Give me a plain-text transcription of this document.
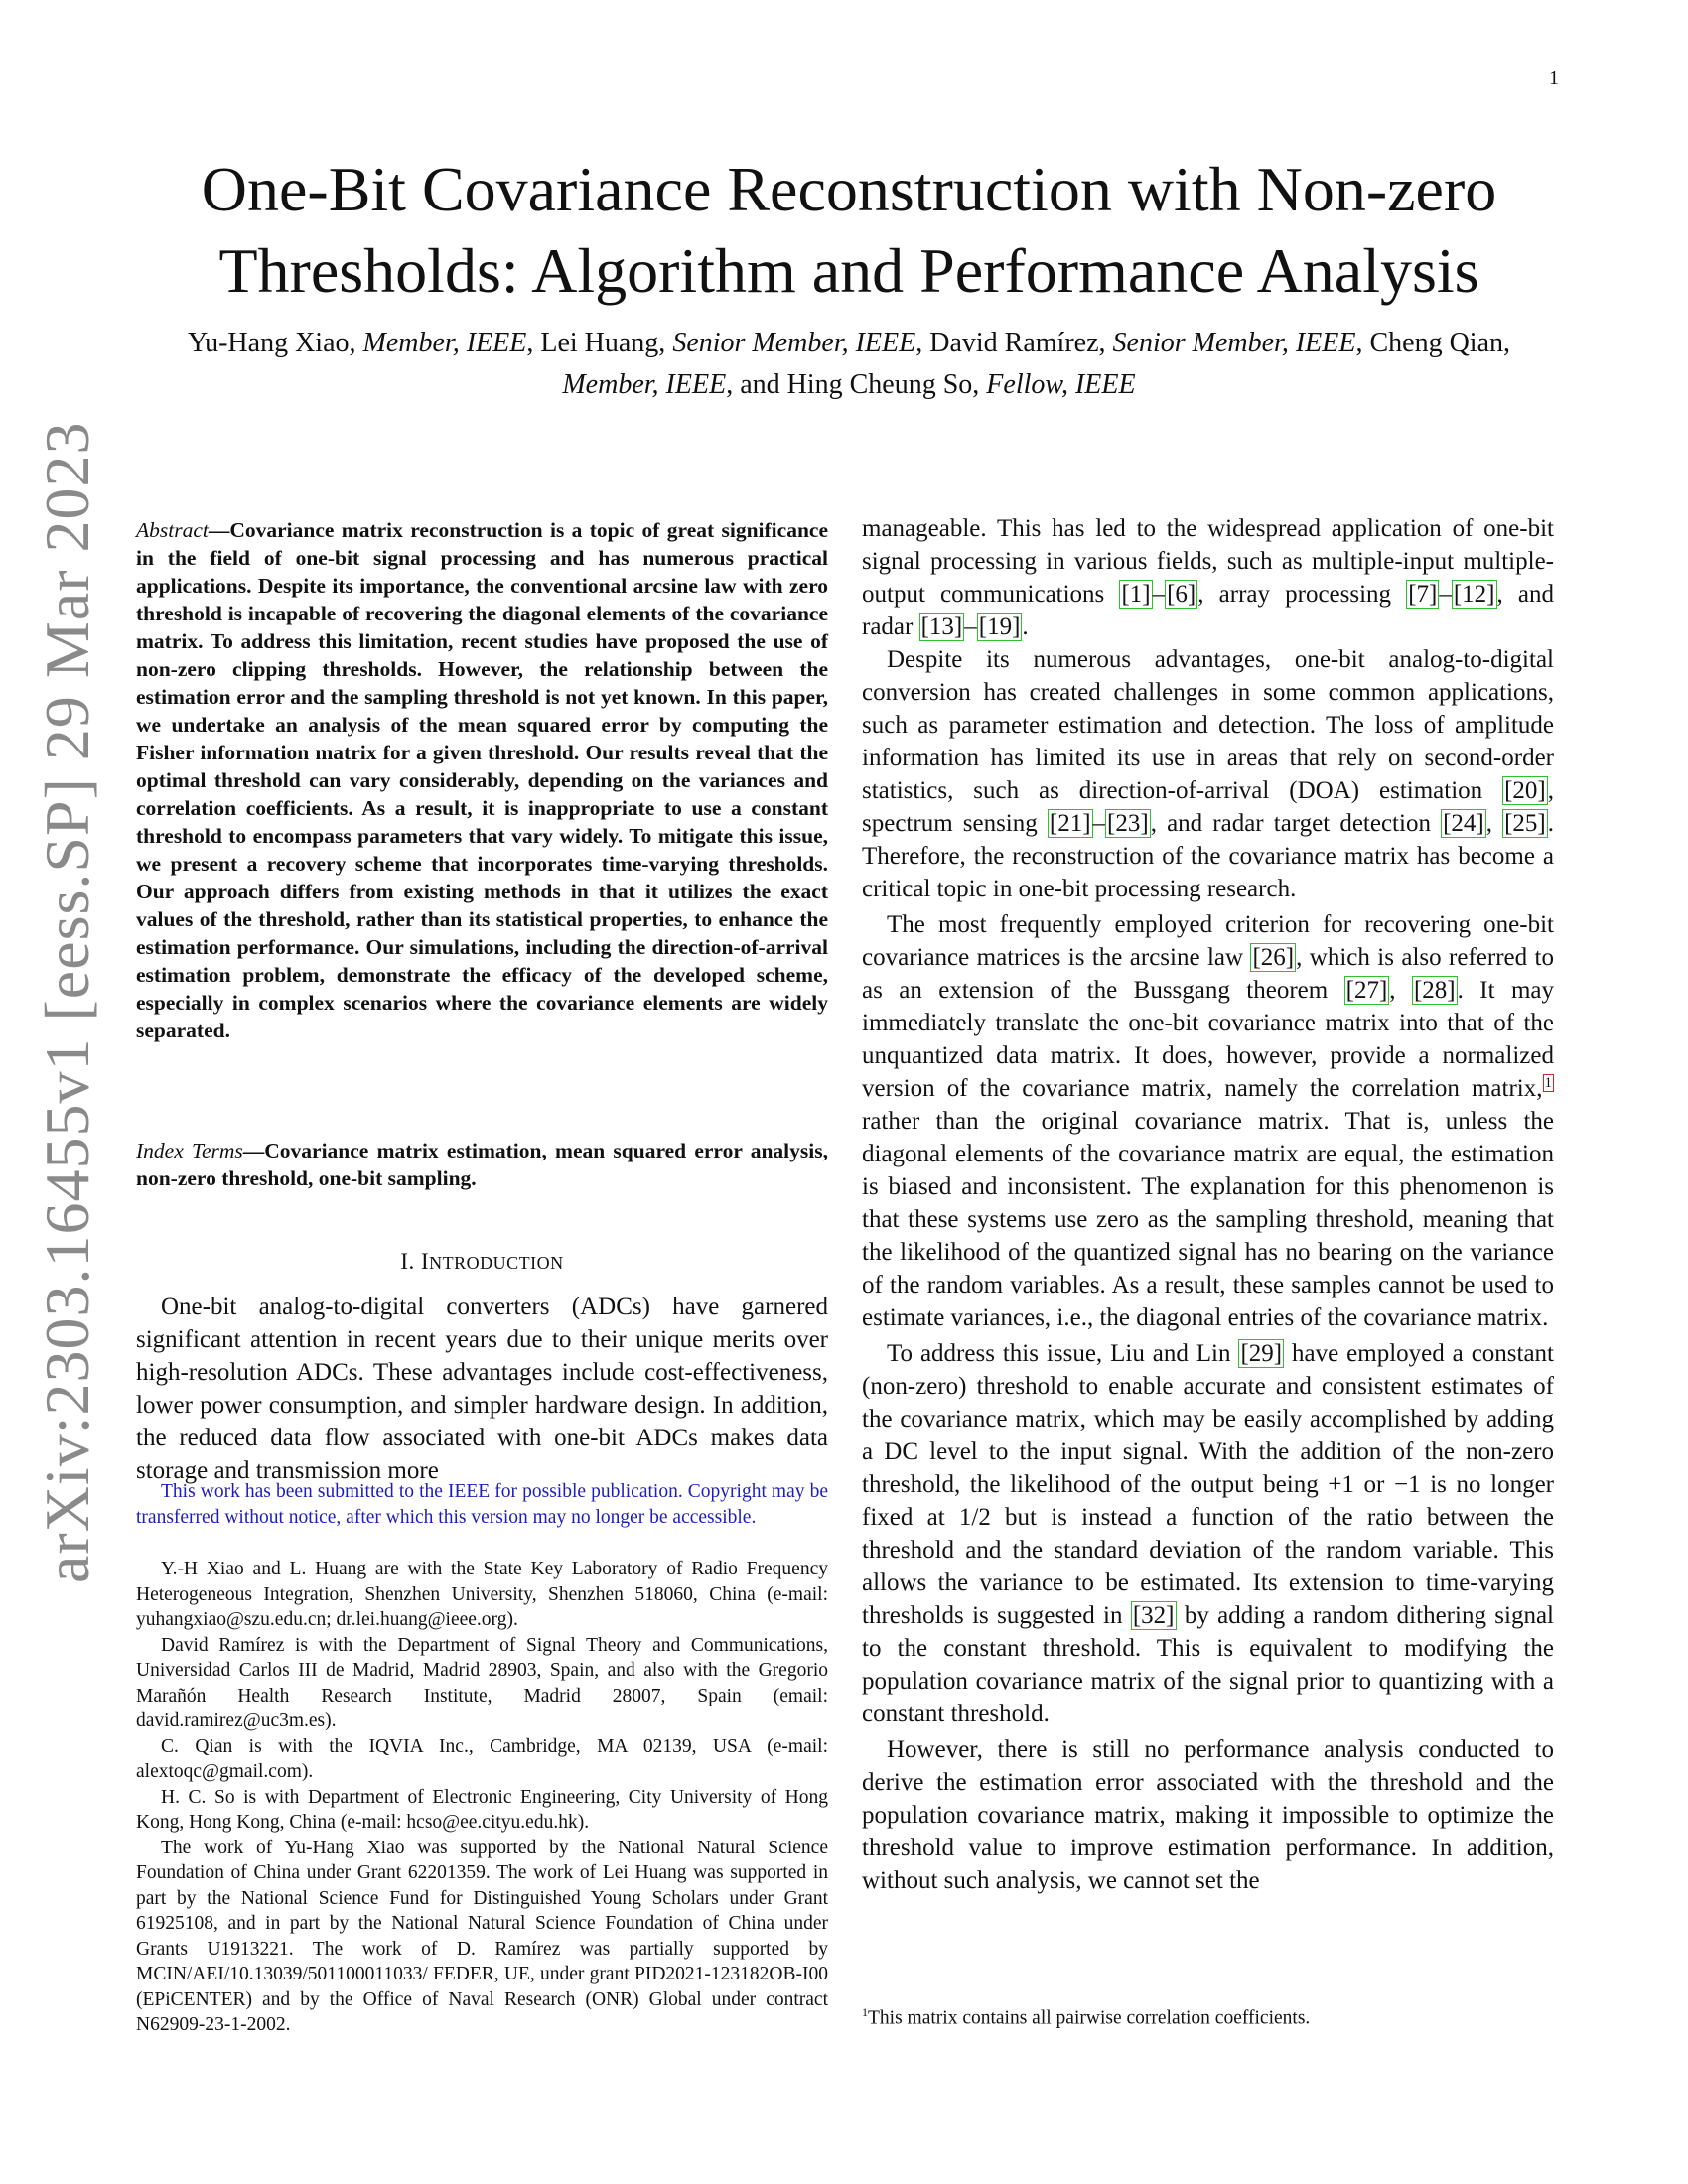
1
arXiv:2303.16455v1 [eess.SP] 29 Mar 2023
One-Bit Covariance Reconstruction with Non-zero Thresholds: Algorithm and Performance Analysis
Yu-Hang Xiao, Member, IEEE, Lei Huang, Senior Member, IEEE, David Ramírez, Senior Member, IEEE, Cheng Qian, Member, IEEE, and Hing Cheung So, Fellow, IEEE
Abstract—Covariance matrix reconstruction is a topic of great significance in the field of one-bit signal processing and has numerous practical applications. Despite its importance, the conventional arcsine law with zero threshold is incapable of recovering the diagonal elements of the covariance matrix. To address this limitation, recent studies have proposed the use of non-zero clipping thresholds. However, the relationship between the estimation error and the sampling threshold is not yet known. In this paper, we undertake an analysis of the mean squared error by computing the Fisher information matrix for a given threshold. Our results reveal that the optimal threshold can vary considerably, depending on the variances and correlation coefficients. As a result, it is inappropriate to use a constant threshold to encompass parameters that vary widely. To mitigate this issue, we present a recovery scheme that incorporates time-varying thresholds. Our approach differs from existing methods in that it utilizes the exact values of the threshold, rather than its statistical properties, to enhance the estimation performance. Our simulations, including the direction-of-arrival estimation problem, demonstrate the efficacy of the developed scheme, especially in complex scenarios where the covariance elements are widely separated.
Index Terms—Covariance matrix estimation, mean squared error analysis, non-zero threshold, one-bit sampling.
I. INTRODUCTION

One-bit analog-to-digital converters (ADCs) have garnered significant attention in recent years due to their unique merits over high-resolution ADCs. These advantages include cost-effectiveness, lower power consumption, and simpler hardware design. In addition, the reduced data flow associated with one-bit ADCs makes data storage and transmission more

This work has been submitted to the IEEE for possible publication. Copyright may be transferred without notice, after which this version may no longer be accessible.

Y.-H Xiao and L. Huang are with the State Key Laboratory of Radio Frequency Heterogeneous Integration, Shenzhen University, Shenzhen 518060, China (e-mail: yuhangxiao@szu.edu.cn; dr.lei.huang@ieee.org).

David Ramírez is with the Department of Signal Theory and Communications, Universidad Carlos III de Madrid, Madrid 28903, Spain, and also with the Gregorio Marañón Health Research Institute, Madrid 28007, Spain (email: david.ramirez@uc3m.es).

C. Qian is with the IQVIA Inc., Cambridge, MA 02139, USA (e-mail: alextoqc@gmail.com).

H. C. So is with Department of Electronic Engineering, City University of Hong Kong, Hong Kong, China (e-mail: hcso@ee.cityu.edu.hk).

The work of Yu-Hang Xiao was supported by the National Natural Science Foundation of China under Grant 62201359. The work of Lei Huang was supported in part by the National Science Fund for Distinguished Young Scholars under Grant 61925108, and in part by the National Natural Science Foundation of China under Grants U1913221. The work of D. Ramírez was partially supported by MCIN/AEI/10.13039/501100011033/ FEDER, UE, under grant PID2021-123182OB-I00 (EPiCENTER) and by the Office of Naval Research (ONR) Global under contract N62909-23-1-2002.

manageable. This has led to the widespread application of one-bit signal processing in various fields, such as multiple-input multiple-output communications [1]–[6], array processing [7]–[12], and radar [13]–[19].

Despite its numerous advantages, one-bit analog-to-digital conversion has created challenges in some common applications, such as parameter estimation and detection. The loss of amplitude information has limited its use in areas that rely on second-order statistics, such as direction-of-arrival (DOA) estimation [20], spectrum sensing [21]–[23], and radar target detection [24], [25]. Therefore, the reconstruction of the covariance matrix has become a critical topic in one-bit processing research.

The most frequently employed criterion for recovering one-bit covariance matrices is the arcsine law [26], which is also referred to as an extension of the Bussgang theorem [27], [28]. It may immediately translate the one-bit covariance matrix into that of the unquantized data matrix. It does, however, provide a normalized version of the covariance matrix, namely the correlation matrix, $^1$ rather than the original covariance matrix. That is, unless the diagonal elements of the covariance matrix are equal, the estimation is biased and inconsistent. The explanation for this phenomenon is that these systems use zero as the sampling threshold, meaning that the likelihood of the quantized signal has no bearing on the variance of the random variables. As a result, these samples cannot be used to estimate variances, i.e., the diagonal entries of the covariance matrix.

To address this issue, Liu and Lin [29] have employed a constant (non-zero) threshold to enable accurate and consistent estimates of the covariance matrix, which may be easily accomplished by adding a DC level to the input signal. With the addition of the non-zero threshold, the likelihood of the output being +1 or −1 is no longer fixed at 1/2 but is instead a function of the ratio between the threshold and the standard deviation of the random variable. This allows the variance to be estimated. Its extension to time-varying thresholds is suggested in [32] by adding a random dithering signal to the constant threshold. This is equivalent to modifying the population covariance matrix of the signal prior to quantizing with a constant threshold.

However, there is still no performance analysis conducted to derive the estimation error associated with the threshold and the population covariance matrix, making it impossible to optimize the threshold value to improve estimation performance. In addition, without such analysis, we cannot set the

$^1$This matrix contains all pairwise correlation coefficients.
